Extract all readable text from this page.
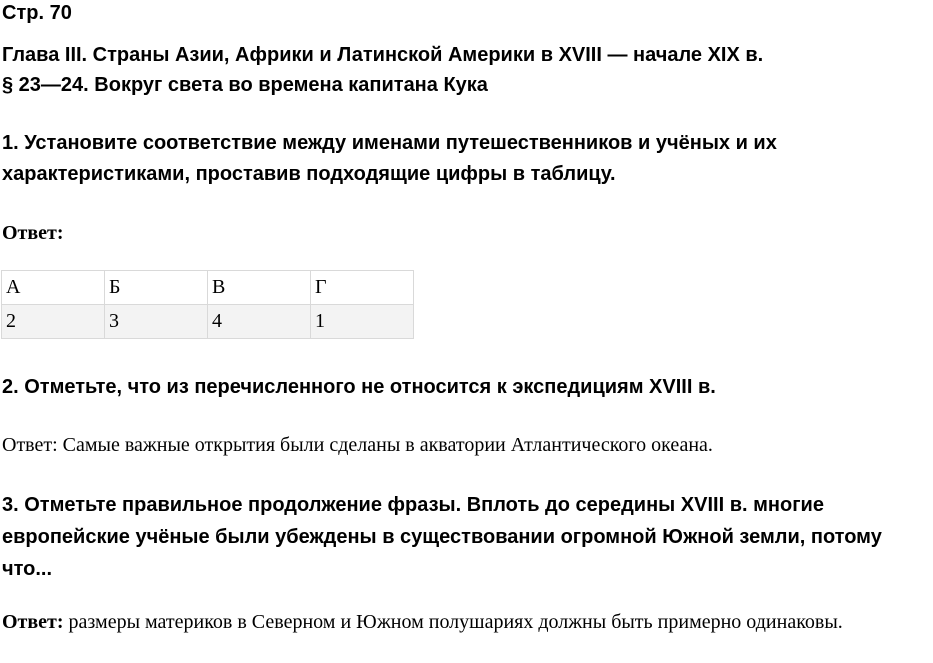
Стр. 70

Глава III. Страны Азии, Африки и Латинской Америки в XVIII — начале XIX в.

§ 23—24. Вокруг света во времена капитана Кука

1. Установите соответствие между именами путешественников и учёных и их характеристиками, проставив подходящие цифры в таблицу.

Ответ:

А	Б	В	Г
2	3	4	1

2. Отметьте, что из перечисленного не относится к экспедициям XVIII в.

Ответ: Самые важные открытия были сделаны в акватории Атлантического океана.

3. Отметьте правильное продолжение фразы. Вплоть до середины XVIII в. многие европейские учёные были убеждены в существовании огромной Южной земли, потому что...

Ответ: размеры материков в Северном и Южном полушариях должны быть примерно одинаковы.
